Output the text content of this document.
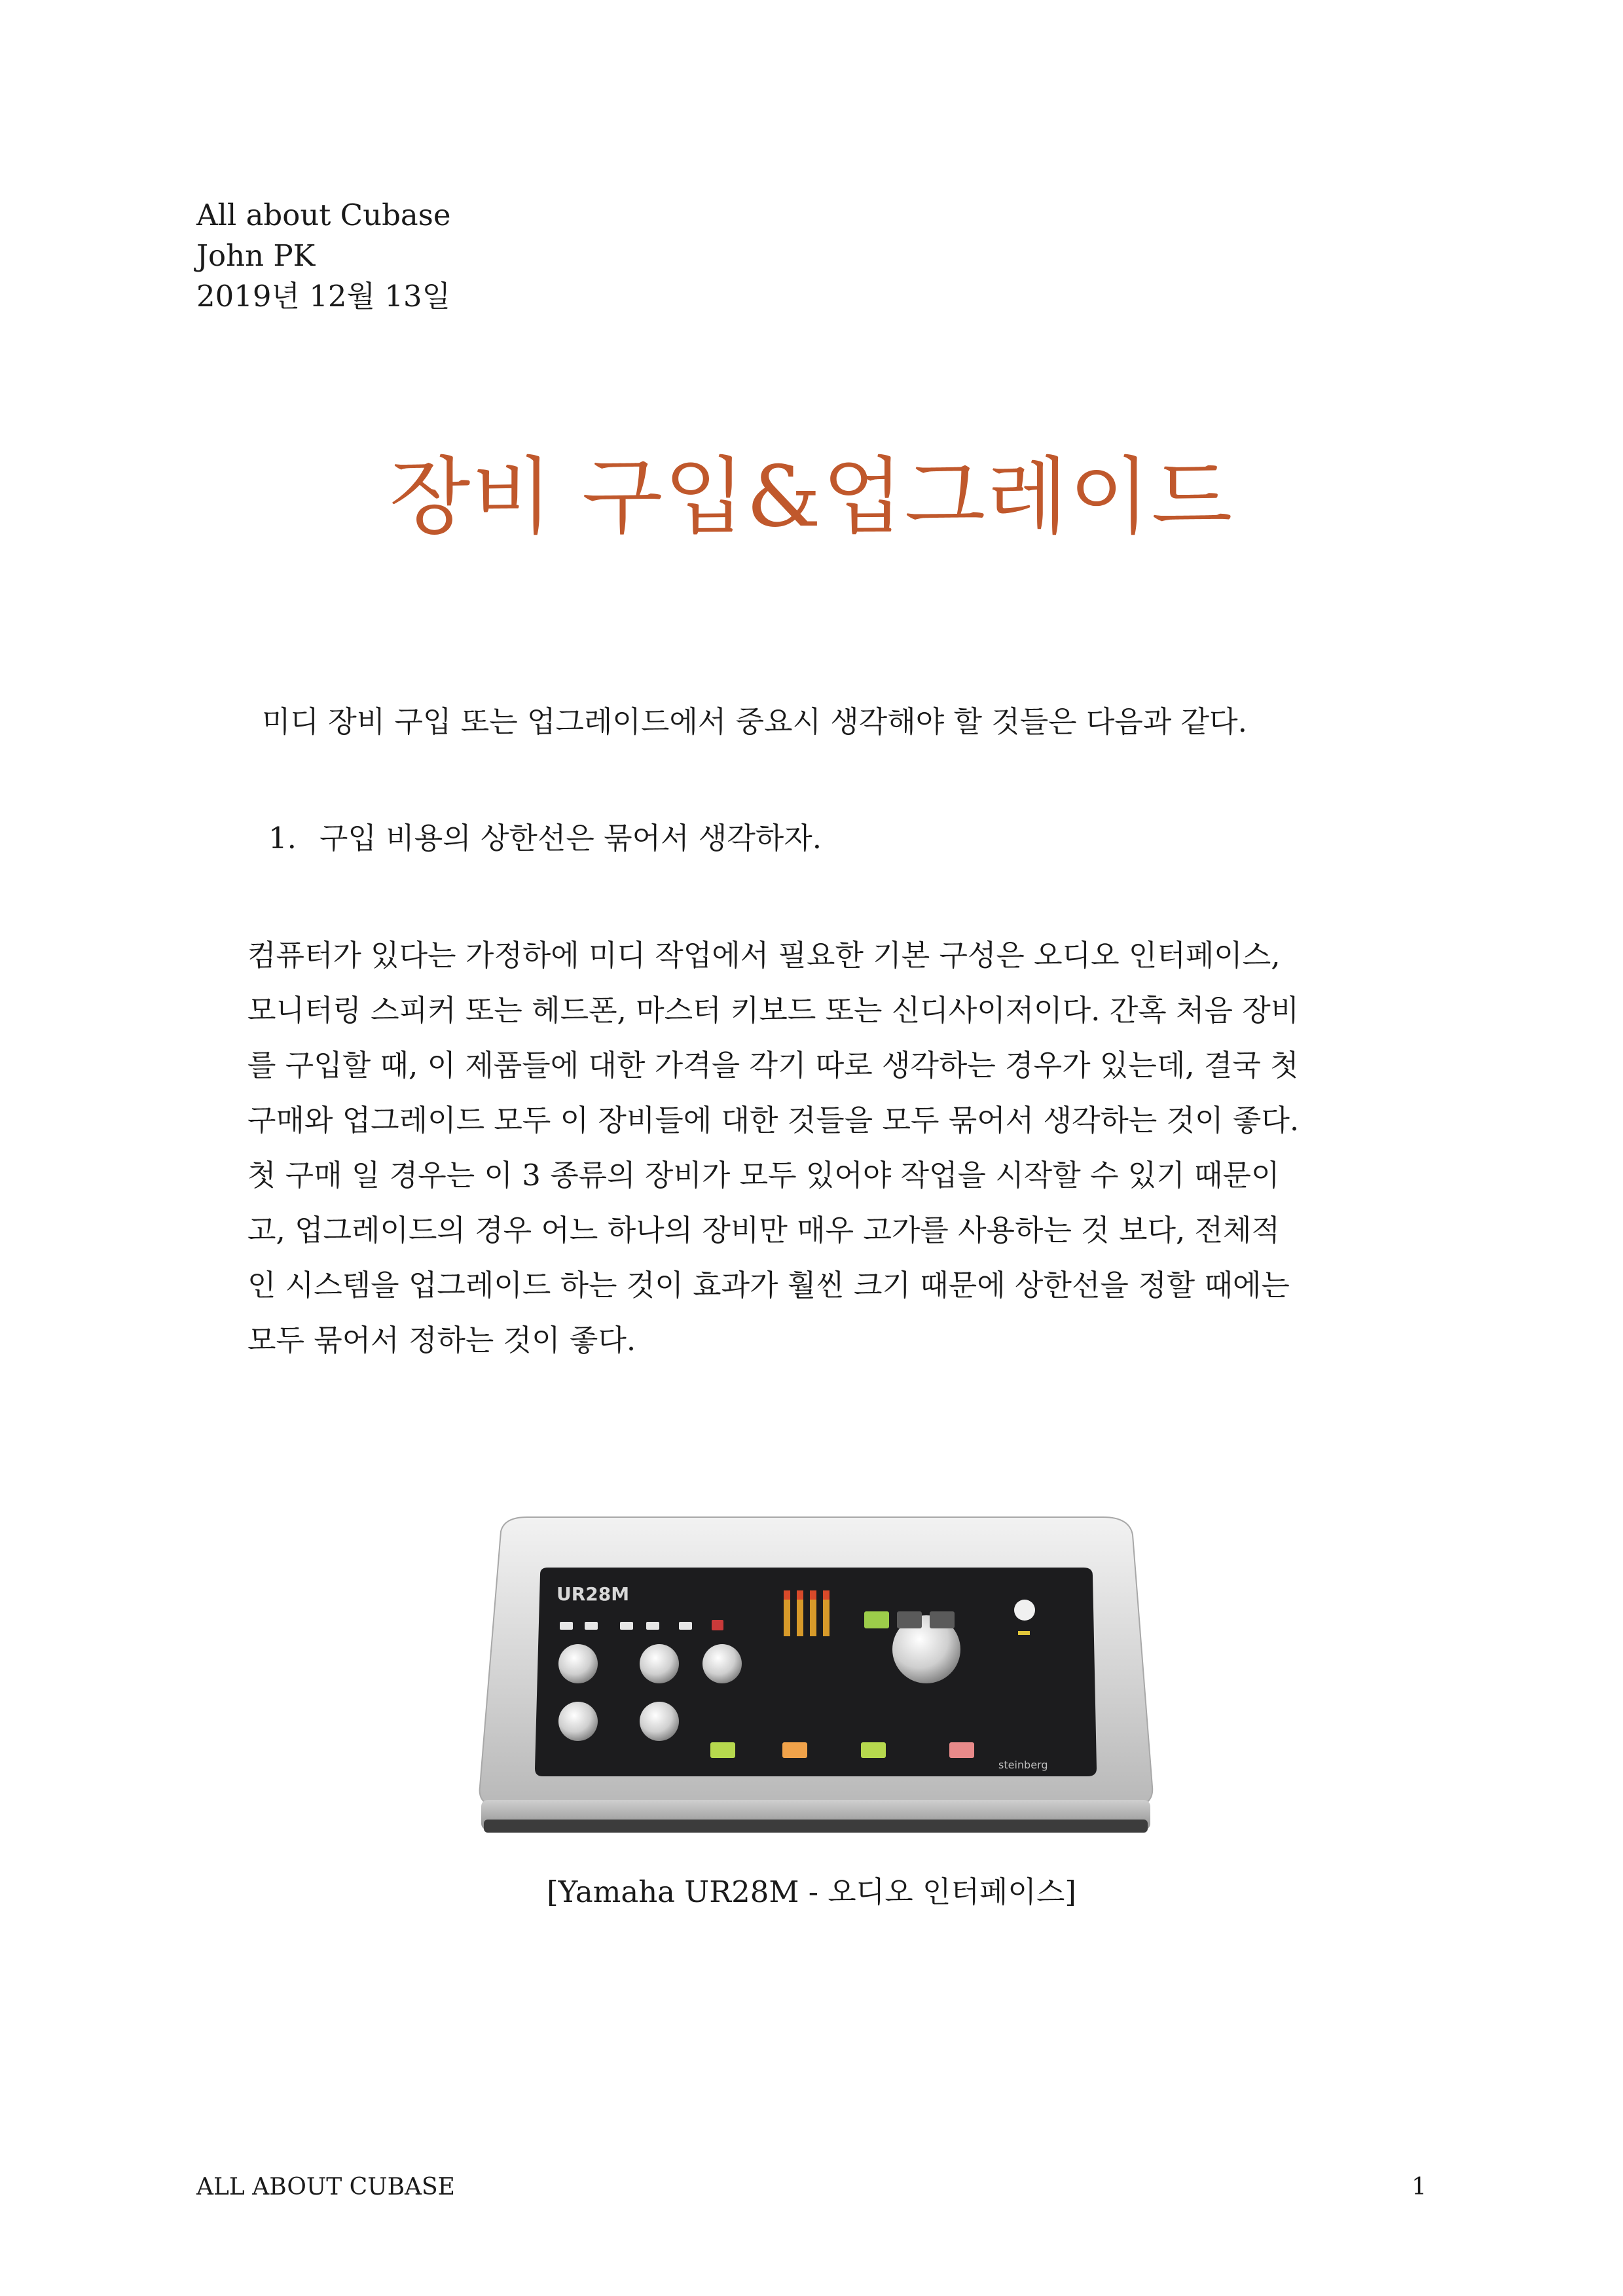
All about Cubase
John PK
2019년 12월 13일
장비 구입&업그레이드
미디 장비 구입 또는 업그레이드에서 중요시 생각해야 할 것들은 다음과 같다.
1. 구입 비용의 상한선은 묶어서 생각하자.
컴퓨터가 있다는 가정하에 미디 작업에서 필요한 기본 구성은 오디오 인터페이스,
모니터링 스피커 또는 헤드폰, 마스터 키보드 또는 신디사이저이다. 간혹 처음 장비
를 구입할 때, 이 제품들에 대한 가격을 각기 따로 생각하는 경우가 있는데, 결국 첫
구매와 업그레이드 모두 이 장비들에 대한 것들을 모두 묶어서 생각하는 것이 좋다.
첫 구매 일 경우는 이 3 종류의 장비가 모두 있어야 작업을 시작할 수 있기 때문이
고, 업그레이드의 경우 어느 하나의 장비만 매우 고가를 사용하는 것 보다, 전체적
인 시스템을 업그레이드 하는 것이 효과가 훨씬 크기 때문에 상한선을 정할 때에는
모두 묶어서 정하는 것이 좋다.
UR28M
steinberg
[Yamaha UR28M - 오디오 인터페이스]
ALL ABOUT CUBASE	1
